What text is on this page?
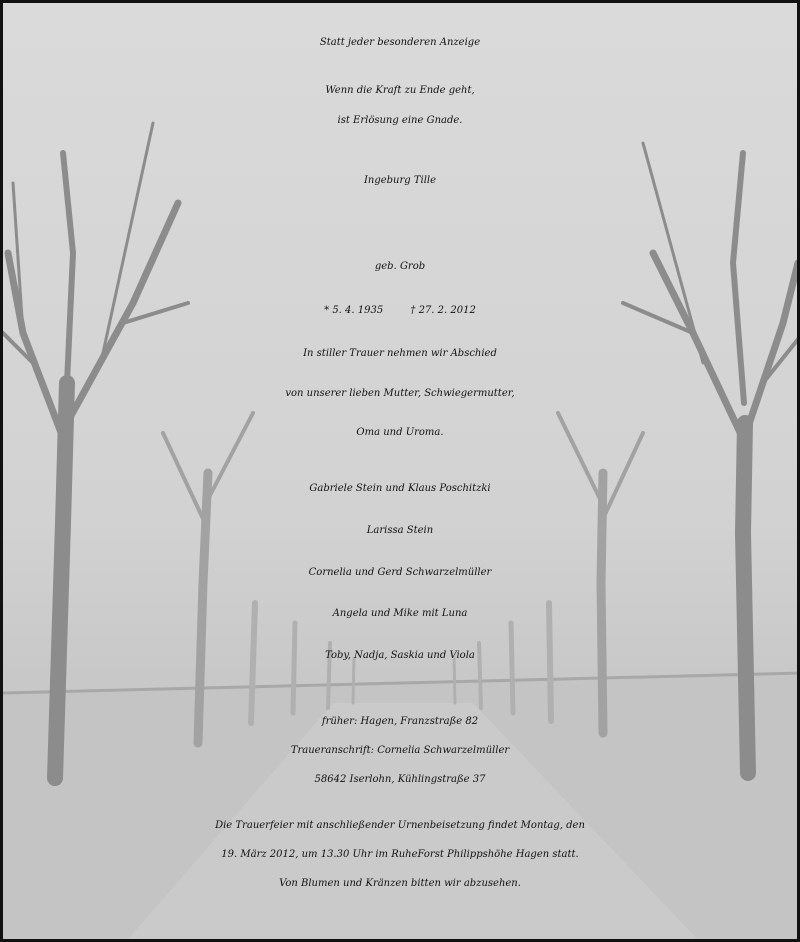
Statt jeder besonderen Anzeige
Wenn die Kraft zu Ende geht,
ist Erlösung eine Gnade.
Ingeburg Tille
geb. Grob
* 5. 4. 1935	† 27. 2. 2012
In stiller Trauer nehmen wir Abschied
von unserer lieben Mutter, Schwiegermutter,
Oma und Uroma.
Gabriele Stein und Klaus Poschitzki
Larissa Stein
Cornelia und Gerd Schwarzelmüller
Angela und Mike mit Luna
Toby, Nadja, Saskia und Viola
früher: Hagen, Franzstraße 82
Traueranschrift: Cornelia Schwarzelmüller
58642 Iserlohn, Kühlingstraße 37
Die Trauerfeier mit anschließender Urnenbeisetzung findet Montag, den
19. März 2012, um 13.30 Uhr im RuheForst Philippshöhe Hagen statt.
Von Blumen und Kränzen bitten wir abzusehen.
